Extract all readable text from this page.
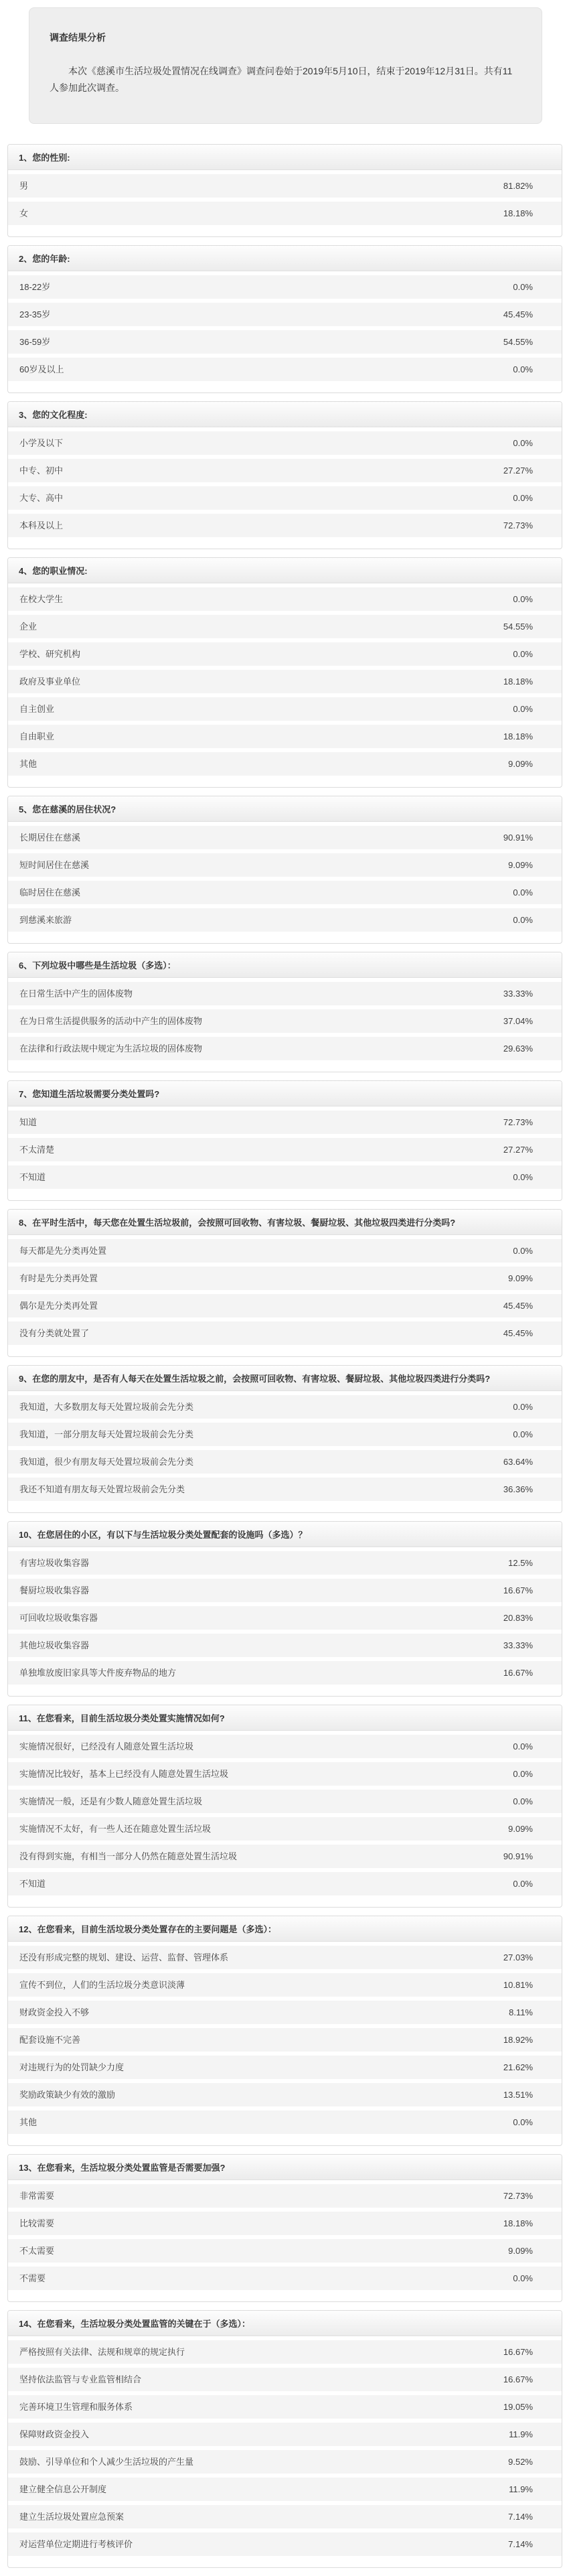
调查结果分析

本次《慈溪市生活垃圾处置情况在线调查》调查问卷始于2019年5月10日，结束于2019年12月31日。共有11人参加此次调查。

1、您的性别:
男	81.82%
女	18.18%
2、您的年龄:
18-22岁	0.0%
23-35岁	45.45%
36-59岁	54.55%
60岁及以上	0.0%
3、您的文化程度:
小学及以下	0.0%
中专、初中	27.27%
大专、高中	0.0%
本科及以上	72.73%
4、您的职业情况:
在校大学生	0.0%
企业	54.55%
学校、研究机构	0.0%
政府及事业单位	18.18%
自主创业	0.0%
自由职业	18.18%
其他	9.09%
5、您在慈溪的居住状况?
长期居住在慈溪	90.91%
短时间居住在慈溪	9.09%
临时居住在慈溪	0.0%
到慈溪来旅游	0.0%
6、下列垃圾中哪些是生活垃圾（多选）：
在日常生活中产生的固体废物	33.33%
在为日常生活提供服务的活动中产生的固体废物	37.04%
在法律和行政法规中规定为生活垃圾的固体废物	29.63%
7、您知道生活垃圾需要分类处置吗?
知道	72.73%
不太清楚	27.27%
不知道	0.0%
8、在平时生活中，每天您在处置生活垃圾前，会按照可回收物、有害垃圾、餐厨垃圾、其他垃圾四类进行分类吗?
每天都是先分类再处置	0.0%
有时是先分类再处置	9.09%
偶尔是先分类再处置	45.45%
没有分类就处置了	45.45%
9、在您的朋友中，是否有人每天在处置生活垃圾之前，会按照可回收物、有害垃圾、餐厨垃圾、其他垃圾四类进行分类吗?
我知道，大多数朋友每天处置垃圾前会先分类	0.0%
我知道，一部分朋友每天处置垃圾前会先分类	0.0%
我知道，很少有朋友每天处置垃圾前会先分类	63.64%
我还不知道有朋友每天处置垃圾前会先分类	36.36%
10、在您居住的小区，有以下与生活垃圾分类处置配套的设施吗（多选）？
有害垃圾收集容器	12.5%
餐厨垃圾收集容器	16.67%
可回收垃圾收集容器	20.83%
其他垃圾收集容器	33.33%
单独堆放废旧家具等大件废弃物品的地方	16.67%
11、在您看来，目前生活垃圾分类处置实施情况如何?
实施情况很好，已经没有人随意处置生活垃圾	0.0%
实施情况比较好，基本上已经没有人随意处置生活垃圾	0.0%
实施情况一般，还是有少数人随意处置生活垃圾	0.0%
实施情况不太好，有一些人还在随意处置生活垃圾	9.09%
没有得到实施，有相当一部分人仍然在随意处置生活垃圾	90.91%
不知道	0.0%
12、在您看来，目前生活垃圾分类处置存在的主要问题是（多选）：
还没有形成完整的规划、建设、运营、监督、管理体系	27.03%
宣传不到位，人们的生活垃圾分类意识淡薄	10.81%
财政资金投入不够	8.11%
配套设施不完善	18.92%
对违规行为的处罚缺少力度	21.62%
奖励政策缺少有效的激励	13.51%
其他	0.0%
13、在您看来，生活垃圾分类处置监管是否需要加强?
非常需要	72.73%
比较需要	18.18%
不太需要	9.09%
不需要	0.0%
14、在您看来，生活垃圾分类处置监管的关键在于（多选）：
严格按照有关法律、法规和规章的规定执行	16.67%
坚持依法监管与专业监管相结合	16.67%
完善环境卫生管理和服务体系	19.05%
保障财政资金投入	11.9%
鼓励、引导单位和个人减少生活垃圾的产生量	9.52%
建立健全信息公开制度	11.9%
建立生活垃圾处置应急预案	7.14%
对运营单位定期进行考核评价	7.14%
